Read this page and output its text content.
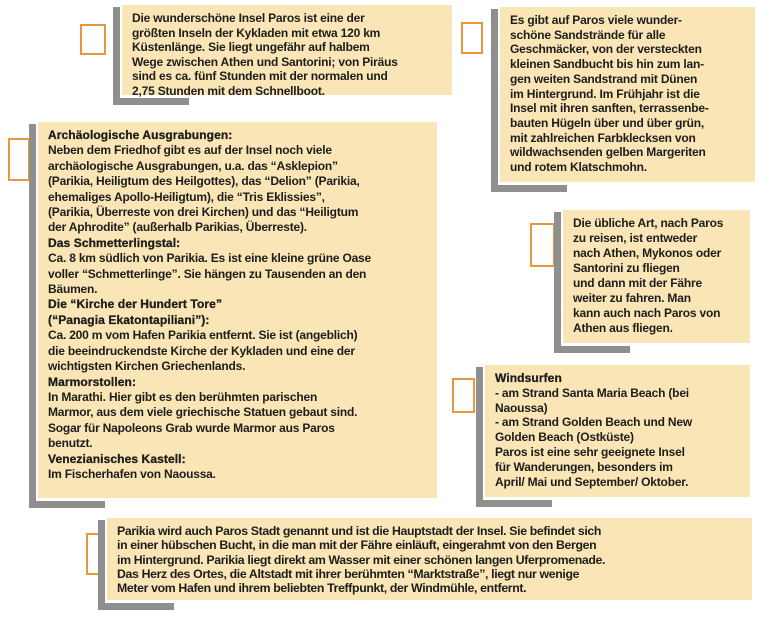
Die wunderschöne Insel Paros ist eine der
größten Inseln der Kykladen mit etwa 120 km
Küstenlänge. Sie liegt ungefähr auf halbem
Wege zwischen Athen und Santorini; von Piräus
sind es ca. fünf Stunden mit der normalen und
2,75 Stunden mit dem Schnellboot.
Es gibt auf Paros viele wunder-
schöne Sandstrände für alle
Geschmäcker, von der versteckten
kleinen Sandbucht bis hin zum lan-
gen weiten Sandstrand mit Dünen
im Hintergrund. Im Frühjahr ist die
Insel mit ihren sanften, terrassenbe-
bauten Hügeln über und über grün,
mit zahlreichen Farbklecksen von
wildwachsenden gelben Margeriten
und rotem Klatschmohn.
Archäologische Ausgrabungen:
Neben dem Friedhof gibt es auf der Insel noch viele
archäologische Ausgrabungen, u.a. das “Asklepion”
(Parikia, Heiligtum des Heilgottes), das “Delion” (Parikia,
ehemaliges Apollo-Heiligtum), die “Tris Eklissies”,
(Parikia, Überreste von drei Kirchen) und das “Heiligtum
der Aphrodite” (außerhalb Parikias, Überreste).
Das Schmetterlingstal:
Ca. 8 km südlich von Parikia. Es ist eine kleine grüne Oase
voller “Schmetterlinge”. Sie hängen zu Tausenden an den
Bäumen.
Die “Kirche der Hundert Tore”
(“Panagia Ekatontapiliani”):
Ca. 200 m vom Hafen Parikia entfernt. Sie ist (angeblich)
die beeindruckendste Kirche der Kykladen und eine der
wichtigsten Kirchen Griechenlands.
Marmorstollen:
In Marathi. Hier gibt es den berühmten parischen
Marmor, aus dem viele griechische Statuen gebaut sind.
Sogar für Napoleons Grab wurde Marmor aus Paros
benutzt.
Venezianisches Kastell:
Im Fischerhafen von Naoussa.
Die übliche Art, nach Paros
zu reisen, ist entweder
nach Athen, Mykonos oder
Santorini zu fliegen
und dann mit der Fähre
weiter zu fahren. Man
kann auch nach Paros von
Athen aus fliegen.
Windsurfen
- am Strand Santa Maria Beach (bei
Naoussa)
- am Strand Golden Beach und New
Golden Beach (Ostküste)
Paros ist eine sehr geeignete Insel
für Wanderungen, besonders im
April/ Mai und September/ Oktober.
Parikia wird auch Paros Stadt genannt und ist die Hauptstadt der Insel. Sie befindet sich
in einer hübschen Bucht, in die man mit der Fähre einläuft, eingerahmt von den Bergen
im Hintergrund. Parikia liegt direkt am Wasser mit einer schönen langen Uferpromenade.
Das Herz des Ortes, die Altstadt mit ihrer berühmten “Marktstraße”, liegt nur wenige
Meter vom Hafen und ihrem beliebten Treffpunkt, der Windmühle, entfernt.
